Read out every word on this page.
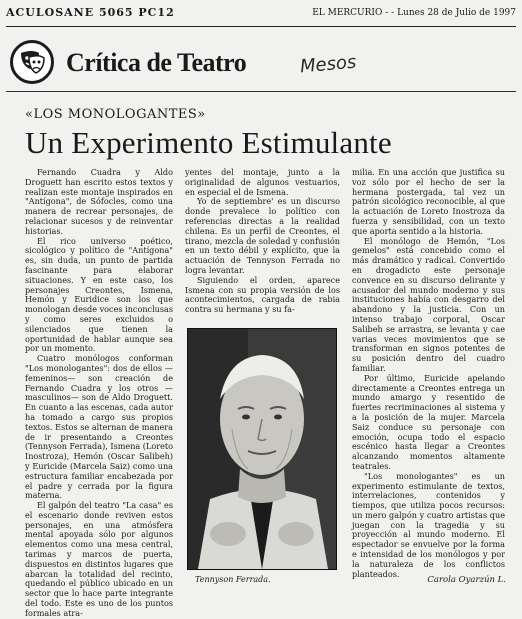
ACULOSANE 5065 PC12	EL MERCURIO - - Lunes 28 de Julio de 1997
Crítica de Teatro	Mesos
«LOS MONOLOGANTES»
Un Experimento Estimulante

Fernando Cuadra y Aldo Droguett han escrito estos textos y realizan este montaje inspirados en "Antígona", de Sófocles, como una manera de recrear personajes, de relacionar sucesos y de reinventar historias.

El rico universo poético, sicológico y político de "Antígona" es, sin duda, un punto de partida fascinante para elaborar situaciones. Y en este caso, los personajes Creontes, Ismena, Hemón y Euridice son los que monologan desde voces inconclusas y como seres excluidos o silenciados que tienen la oportunidad de hablar aunque sea por un momento.

Cuatro monólogos conforman "Los monologantes": dos de ellos —femeninos— son creación de Fernando Cuadra y los otros —masculinos— son de Aldo Droguett. En cuanto a las escenas, cada autor ha tomado a cargo sus propios textos. Estos se alternan de manera de ir presentando a Creontes (Tennyson Ferrada), Ismena (Loreto Inostroza), Hemón (Oscar Salibeh) y Euricide (Marcela Saiz) como una estructura familiar encabezada por el padre y cerrada por la figura materna.

El galpón del teatro "La casa" es el escenario donde reviven estos personajes, en una atmósfera mental apoyada sólo por algunos elementos como una mesa central, tarimas y marcos de puerta, dispuestos en distintos lugares que abarcan la totalidad del recinto, quedando el público ubicado en un sector que lo hace parte integrante del todo. Este es uno de los puntos formales atra-

yentes del montaje, junto a la originalidad de algunos vestuarios, en especial el de Ismena.

Yo de septiembre' es un discurso donde prevalece lo político con referencias directas a la realidad chilena. Es un perfil de Creontes, el tirano, mezcla de soledad y confusión en un texto débil y explícito, que la actuación de Tennyson Ferrada no logra levantar.

Siguiendo el orden, aparece Ismena con su propia versión de los acontecimientos, cargada de rabia contra su hermana y su fa-

Tennyson Ferrada.

milia. En una acción que justifica su voz sólo por el hecho de ser la hermana postergada, tal vez un patrón sicológico reconocible, al que la actuación de Loreto Inostroza da fuerza y sensibilidad, con un texto que aporta sentido a la historia.

El monólogo de Hemón, "Los gemelos" está concebido como el más dramático y radical. Convertido en drogadicto este personaje convence en su discurso delirante y acusador del mundo moderno y sus instituciones había con desgarro del abandono y la justicia. Con un intenso trabajo corporal, Oscar Salibeh se arrastra, se levanta y cae varias veces movimientos que se transforman en signos potentes de su posición dentro del cuadro familiar.

Por último, Euricide apelando directamente a Creontes entrega un mundo amargo y resentido de fuertes recriminaciones al sistema y a la posición de la mujer. Marcela Saiz conduce su personaje con emoción, ocupa todo el espacio escénico hasta llegar a Creontes alcanzando momentos altamente teatrales.

"Los monologantes" es un experimento estimulante de textos, interrelaciones, contenidos y tiempos, que utiliza pocos recursos: un mero galpón y cuatro artistas que juegan con la tragedia y su proyección al mundo moderno. El espectador se envuelve por la forma e intensidad de los monólogos y por la naturaleza de los conflictos planteados.

Carola Oyarzún L.
